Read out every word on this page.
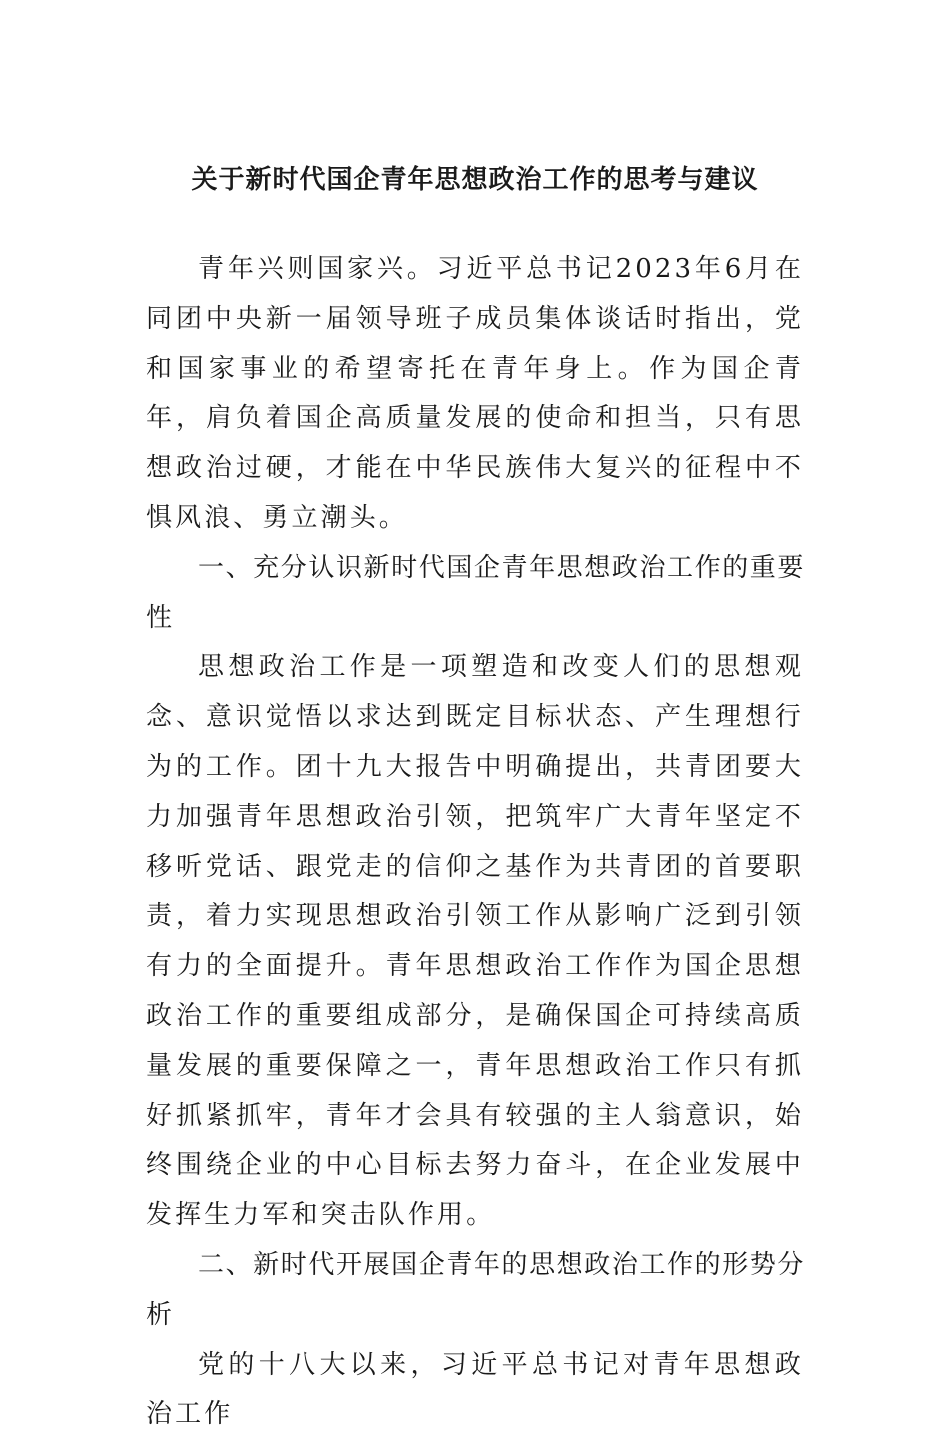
关于新时代国企青年思想政治工作的思考与建议

青年兴则国家兴。习近平总书记2023年6月在同团中央新一届领导班子成员集体谈话时指出，党和国家事业的希望寄托在青年身上。作为国企青年，肩负着国企高质量发展的使命和担当，只有思想政治过硬，才能在中华民族伟大复兴的征程中不惧风浪、勇立潮头。

一、充分认识新时代国企青年思想政治工作的重要性

思想政治工作是一项塑造和改变人们的思想观念、意识觉悟以求达到既定目标状态、产生理想行为的工作。团十九大报告中明确提出，共青团要大力加强青年思想政治引领，把筑牢广大青年坚定不移听党话、跟党走的信仰之基作为共青团的首要职责，着力实现思想政治引领工作从影响广泛到引领有力的全面提升。青年思想政治工作作为国企思想政治工作的重要组成部分，是确保国企可持续高质量发展的重要保障之一，青年思想政治工作只有抓好抓紧抓牢，青年才会具有较强的主人翁意识，始终围绕企业的中心目标去努力奋斗，在企业发展中发挥生力军和突击队作用。

二、新时代开展国企青年的思想政治工作的形势分析

党的十八大以来，习近平总书记对青年思想政治工作
